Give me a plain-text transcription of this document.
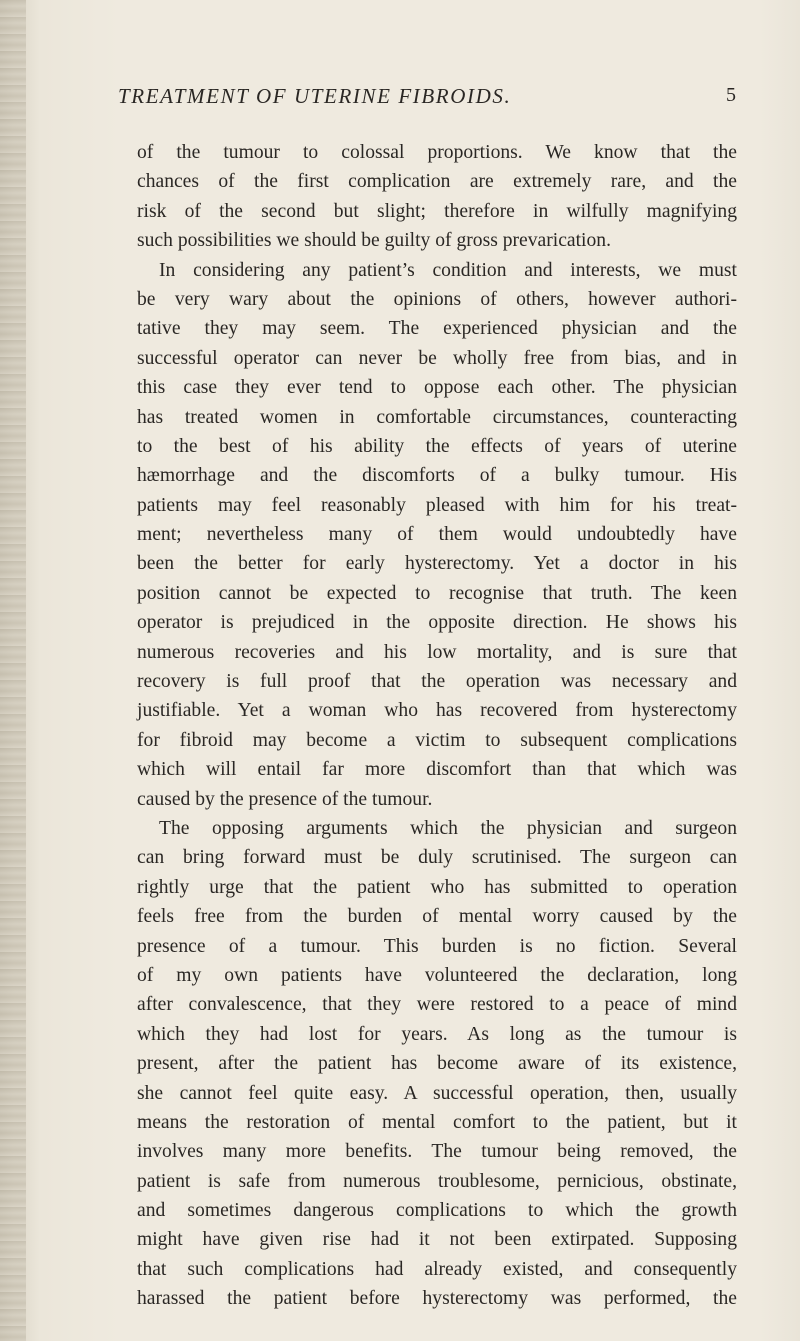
TREATMENT OF UTERINE FIBROIDS.	5
of the tumour to colossal proportions. We know that the
chances of the first complication are extremely rare, and the
risk of the second but slight; therefore in wilfully magnifying
such possibilities we should be guilty of gross prevarication.
In considering any patient’s condition and interests, we must
be very wary about the opinions of others, however authori-
tative they may seem. The experienced physician and the
successful operator can never be wholly free from bias, and in
this case they ever tend to oppose each other. The physician
has treated women in comfortable circumstances, counteracting
to the best of his ability the effects of years of uterine
hæmorrhage and the discomforts of a bulky tumour. His
patients may feel reasonably pleased with him for his treat-
ment; nevertheless many of them would undoubtedly have
been the better for early hysterectomy. Yet a doctor in his
position cannot be expected to recognise that truth. The keen
operator is prejudiced in the opposite direction. He shows his
numerous recoveries and his low mortality, and is sure that
recovery is full proof that the operation was necessary and
justifiable. Yet a woman who has recovered from hysterectomy
for fibroid may become a victim to subsequent complications
which will entail far more discomfort than that which was
caused by the presence of the tumour.
The opposing arguments which the physician and surgeon
can bring forward must be duly scrutinised. The surgeon can
rightly urge that the patient who has submitted to operation
feels free from the burden of mental worry caused by the
presence of a tumour. This burden is no fiction. Several
of my own patients have volunteered the declaration, long
after convalescence, that they were restored to a peace of mind
which they had lost for years. As long as the tumour is
present, after the patient has become aware of its existence,
she cannot feel quite easy. A successful operation, then, usually
means the restoration of mental comfort to the patient, but it
involves many more benefits. The tumour being removed, the
patient is safe from numerous troublesome, pernicious, obstinate,
and sometimes dangerous complications to which the growth
might have given rise had it not been extirpated. Supposing
that such complications had already existed, and consequently
harassed the patient before hysterectomy was performed, the
